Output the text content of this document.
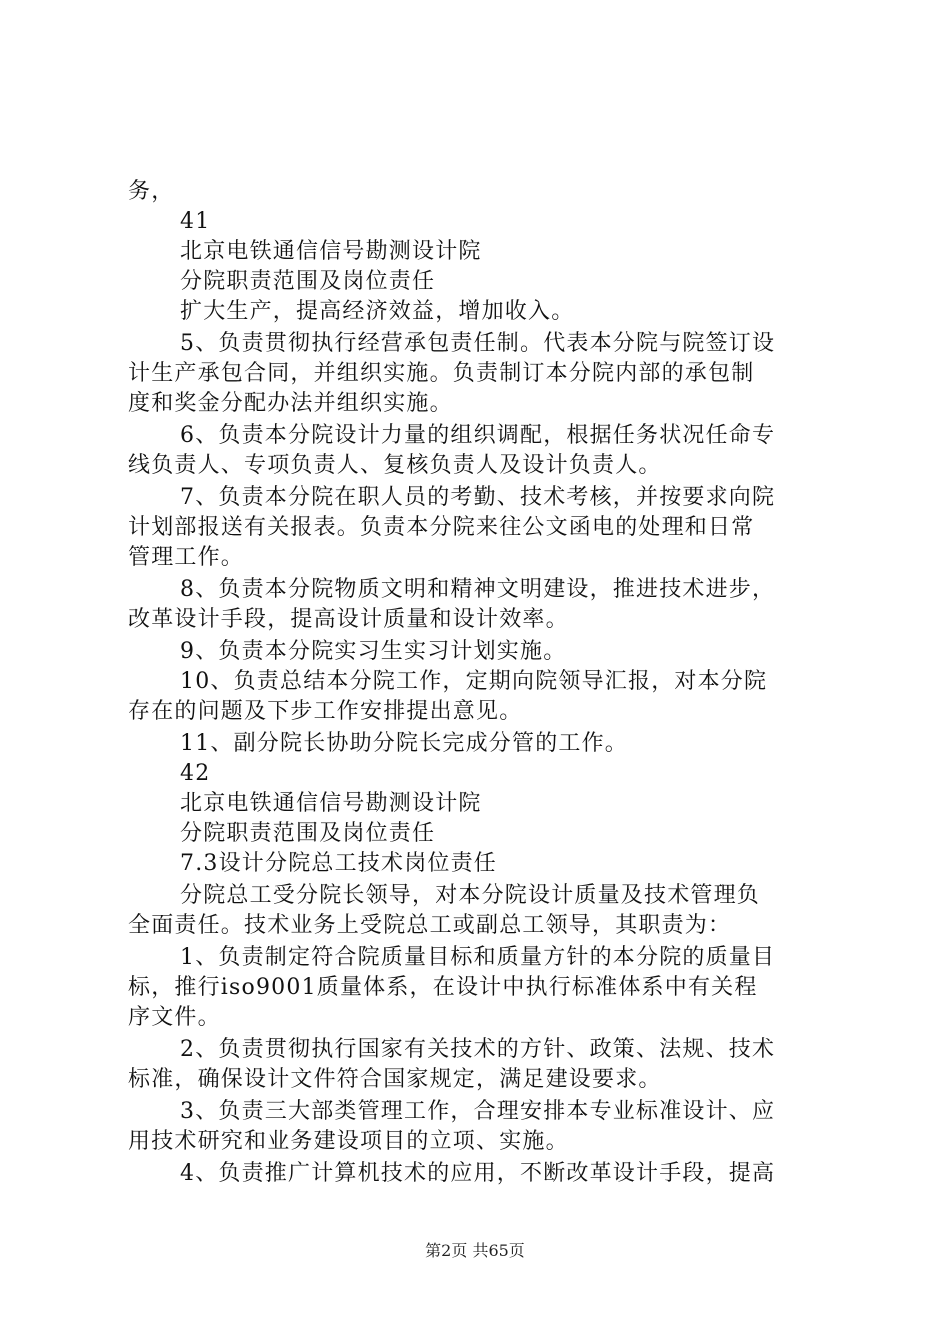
务，
41
北京电铁通信信号勘测设计院
分院职责范围及岗位责任
扩大生产，提高经济效益，增加收入。
5、负责贯彻执行经营承包责任制。代表本分院与院签订设
计生产承包合同，并组织实施。负责制订本分院内部的承包制
度和奖金分配办法并组织实施。
6、负责本分院设计力量的组织调配，根据任务状况任命专
线负责人、专项负责人、复核负责人及设计负责人。
7、负责本分院在职人员的考勤、技术考核，并按要求向院
计划部报送有关报表。负责本分院来往公文函电的处理和日常
管理工作。
8、负责本分院物质文明和精神文明建设，推进技术进步，
改革设计手段，提高设计质量和设计效率。
9、负责本分院实习生实习计划实施。
10、负责总结本分院工作，定期向院领导汇报，对本分院
存在的问题及下步工作安排提出意见。
11、副分院长协助分院长完成分管的工作。
42
北京电铁通信信号勘测设计院
分院职责范围及岗位责任
7.3设计分院总工技术岗位责任
分院总工受分院长领导，对本分院设计质量及技术管理负
全面责任。技术业务上受院总工或副总工领导，其职责为：
1、负责制定符合院质量目标和质量方针的本分院的质量目
标，推行iso9001质量体系，在设计中执行标准体系中有关程
序文件。
2、负责贯彻执行国家有关技术的方针、政策、法规、技术
标准，确保设计文件符合国家规定，满足建设要求。
3、负责三大部类管理工作，合理安排本专业标准设计、应
用技术研究和业务建设项目的立项、实施。
4、负责推广计算机技术的应用，不断改革设计手段，提高
第2页 共65页
